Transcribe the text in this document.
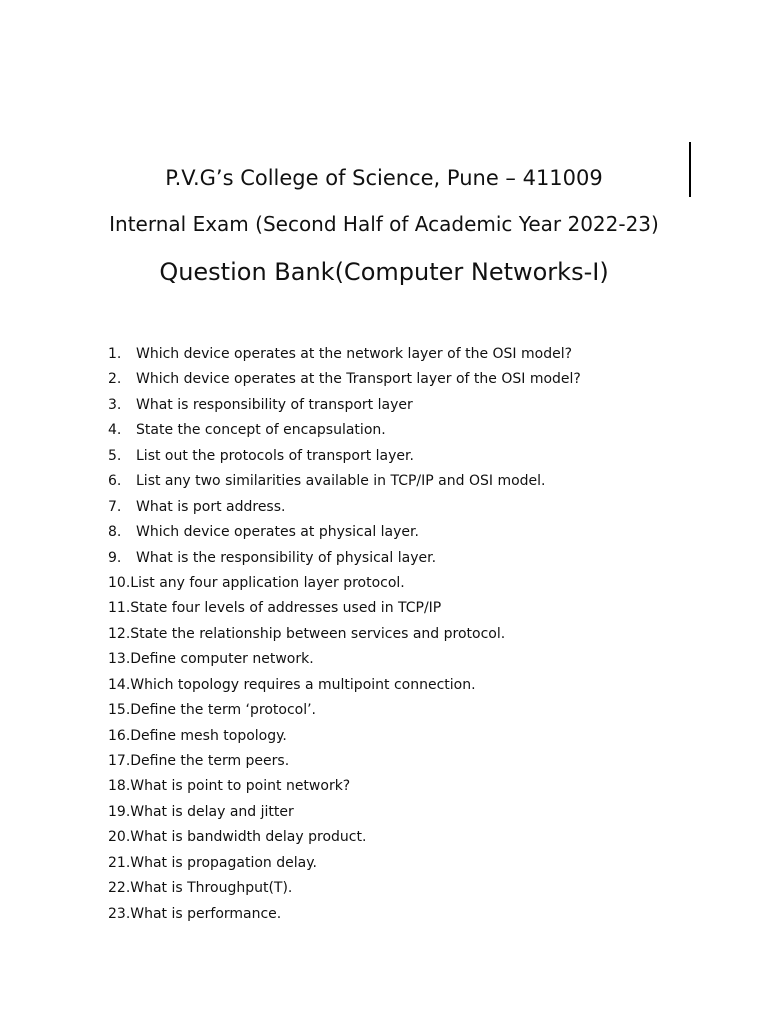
P.V.G’s College of Science, Pune – 411009

Internal Exam (Second Half of Academic Year 2022-23)

Question Bank(Computer Networks-I)

1. Which device operates at the network layer of the OSI model?
2. Which device operates at the Transport layer of the OSI model?
3. What is responsibility of transport layer
4. State the concept of encapsulation.
5. List out the protocols of transport layer.
6. List any two similarities available in TCP/IP and OSI model.
7. What is port address.
8. Which device operates at physical layer.
9. What is the responsibility of physical layer.
10.List any four application layer protocol.
11.State four levels of addresses used in TCP/IP
12.State the relationship between services and protocol.
13.Define computer network.
14.Which topology requires a multipoint connection.
15.Define the term ‘protocol’.
16.Define mesh topology.
17.Define the term peers.
18.What is point to point network?
19.What is delay and jitter
20.What is bandwidth delay product.
21.What is propagation delay.
22.What is Throughput(T).
23.What is performance.
